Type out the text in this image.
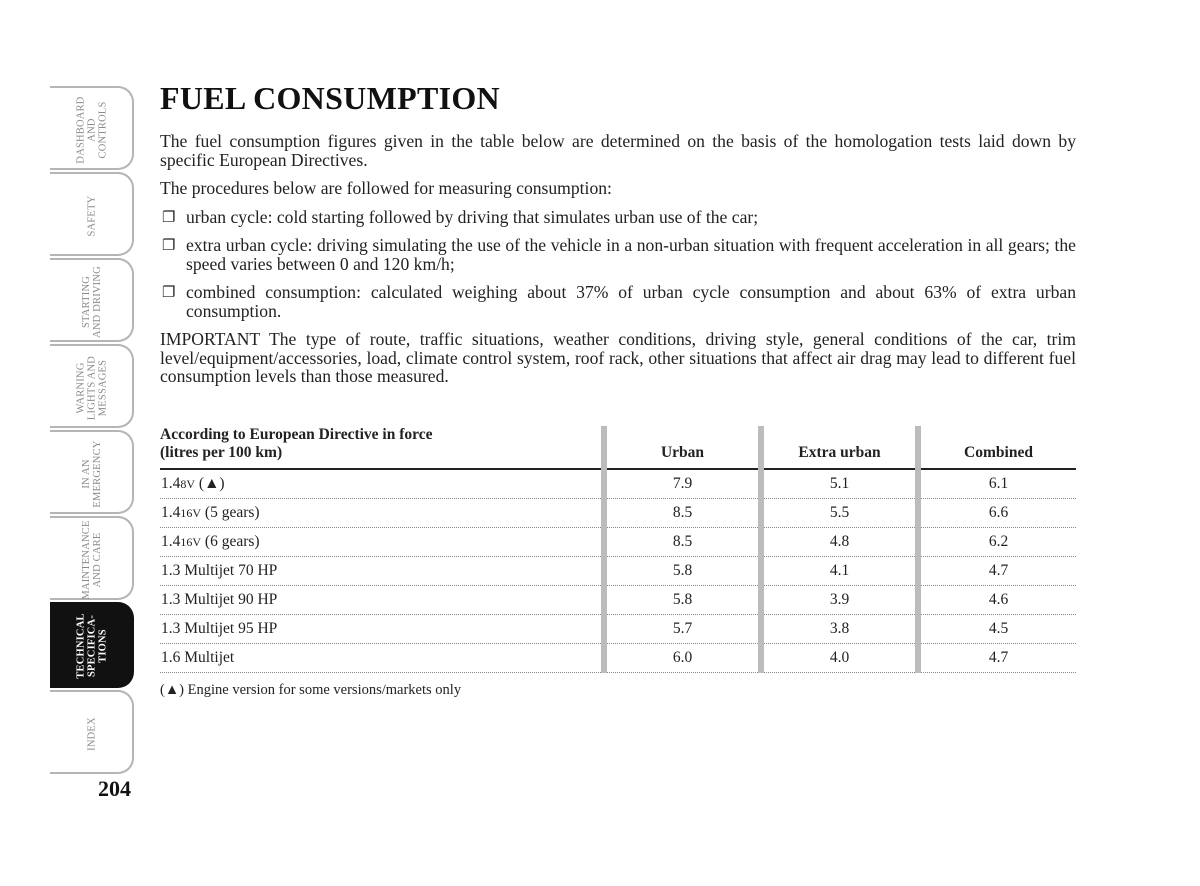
DASHBOARD
AND
CONTROLS
SAFETY
STARTING
AND DRIVING
WARNING
LIGHTS AND
MESSAGES
IN AN
EMERGENCY
MAINTENANCE
AND CARE
TECHNICAL
SPECIFICA-
TIONS
INDEX
204
FUEL CONSUMPTION

The fuel consumption figures given in the table below are determined on the basis of the homologation tests laid down by specific European Directives.

The procedures below are followed for measuring consumption:

❐ urban cycle: cold starting followed by driving that simulates urban use of the car;
❐ extra urban cycle: driving simulating the use of the vehicle in a non-urban situation with frequent acceleration in all gears; the speed varies between 0 and 120 km/h;
❐ combined consumption: calculated weighing about 37% of urban cycle consumption and about 63% of extra urban consumption.

IMPORTANT The type of route, traffic situations, weather conditions, driving style, general conditions of the car, trim level/equipment/accessories, load, climate control system, roof rack, other situations that affect air drag may lead to different fuel consumption levels than those measured.

According to European Directive in force
(litres per 100 km)	Urban	Extra urban	Combined
1.48V (▲)	7.9	5.1	6.1
1.416V (5 gears)	8.5	5.5	6.6
1.416V (6 gears)	8.5	4.8	6.2
1.3 Multijet 70 HP	5.8	4.1	4.7
1.3 Multijet 90 HP	5.8	3.9	4.6
1.3 Multijet 95 HP	5.7	3.8	4.5
1.6 Multijet	6.0	4.0	4.7
(▲) Engine version for some versions/markets only
